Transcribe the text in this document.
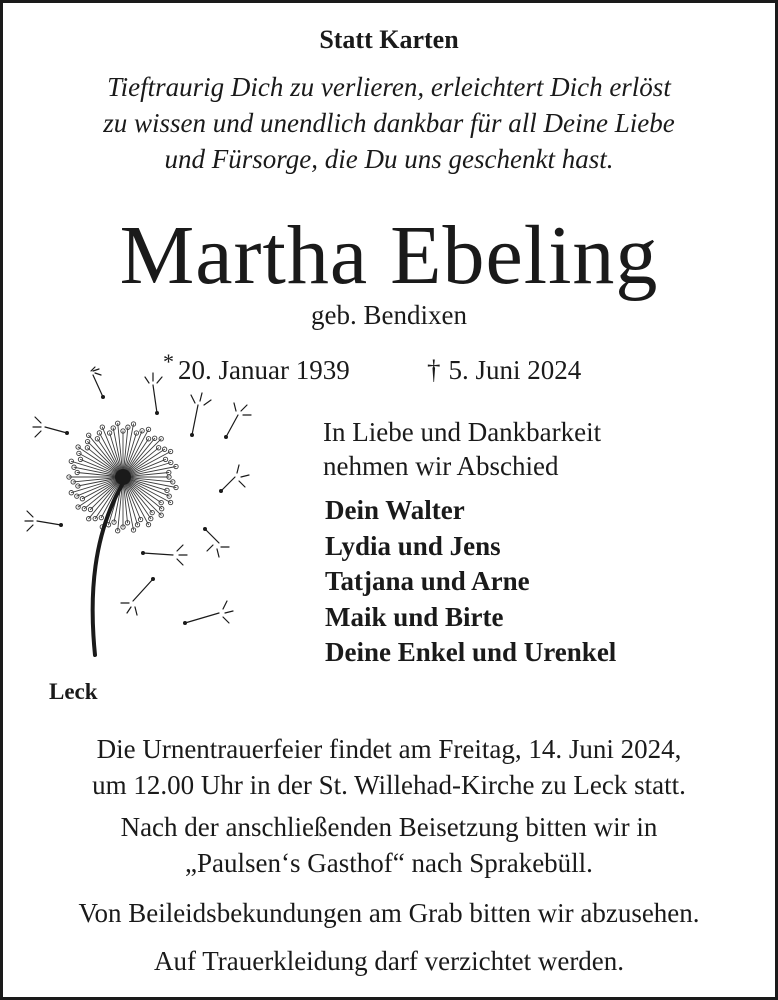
Statt Karten
Tieftraurig Dich zu verlieren, erleichtert Dich erlöst
zu wissen und unendlich dankbar für all Deine Liebe
und Fürsorge, die Du uns geschenkt hast.
Martha Ebeling
geb. Bendixen
* 20. Januar 1939	† 5. Juni 2024
In Liebe und Dankbarkeit
nehmen wir Abschied
Dein Walter
Lydia und Jens
Tatjana und Arne
Maik und Birte
Deine Enkel und Urenkel
Leck
Die Urnentrauerfeier findet am Freitag, 14. Juni 2024,
um 12.00 Uhr in der St. Willehad-Kirche zu Leck statt.
Nach der anschließenden Beisetzung bitten wir in
„Paulsen‘s Gasthof“ nach Sprakebüll.
Von Beileidsbekundungen am Grab bitten wir abzusehen.
Auf Trauerkleidung darf verzichtet werden.
